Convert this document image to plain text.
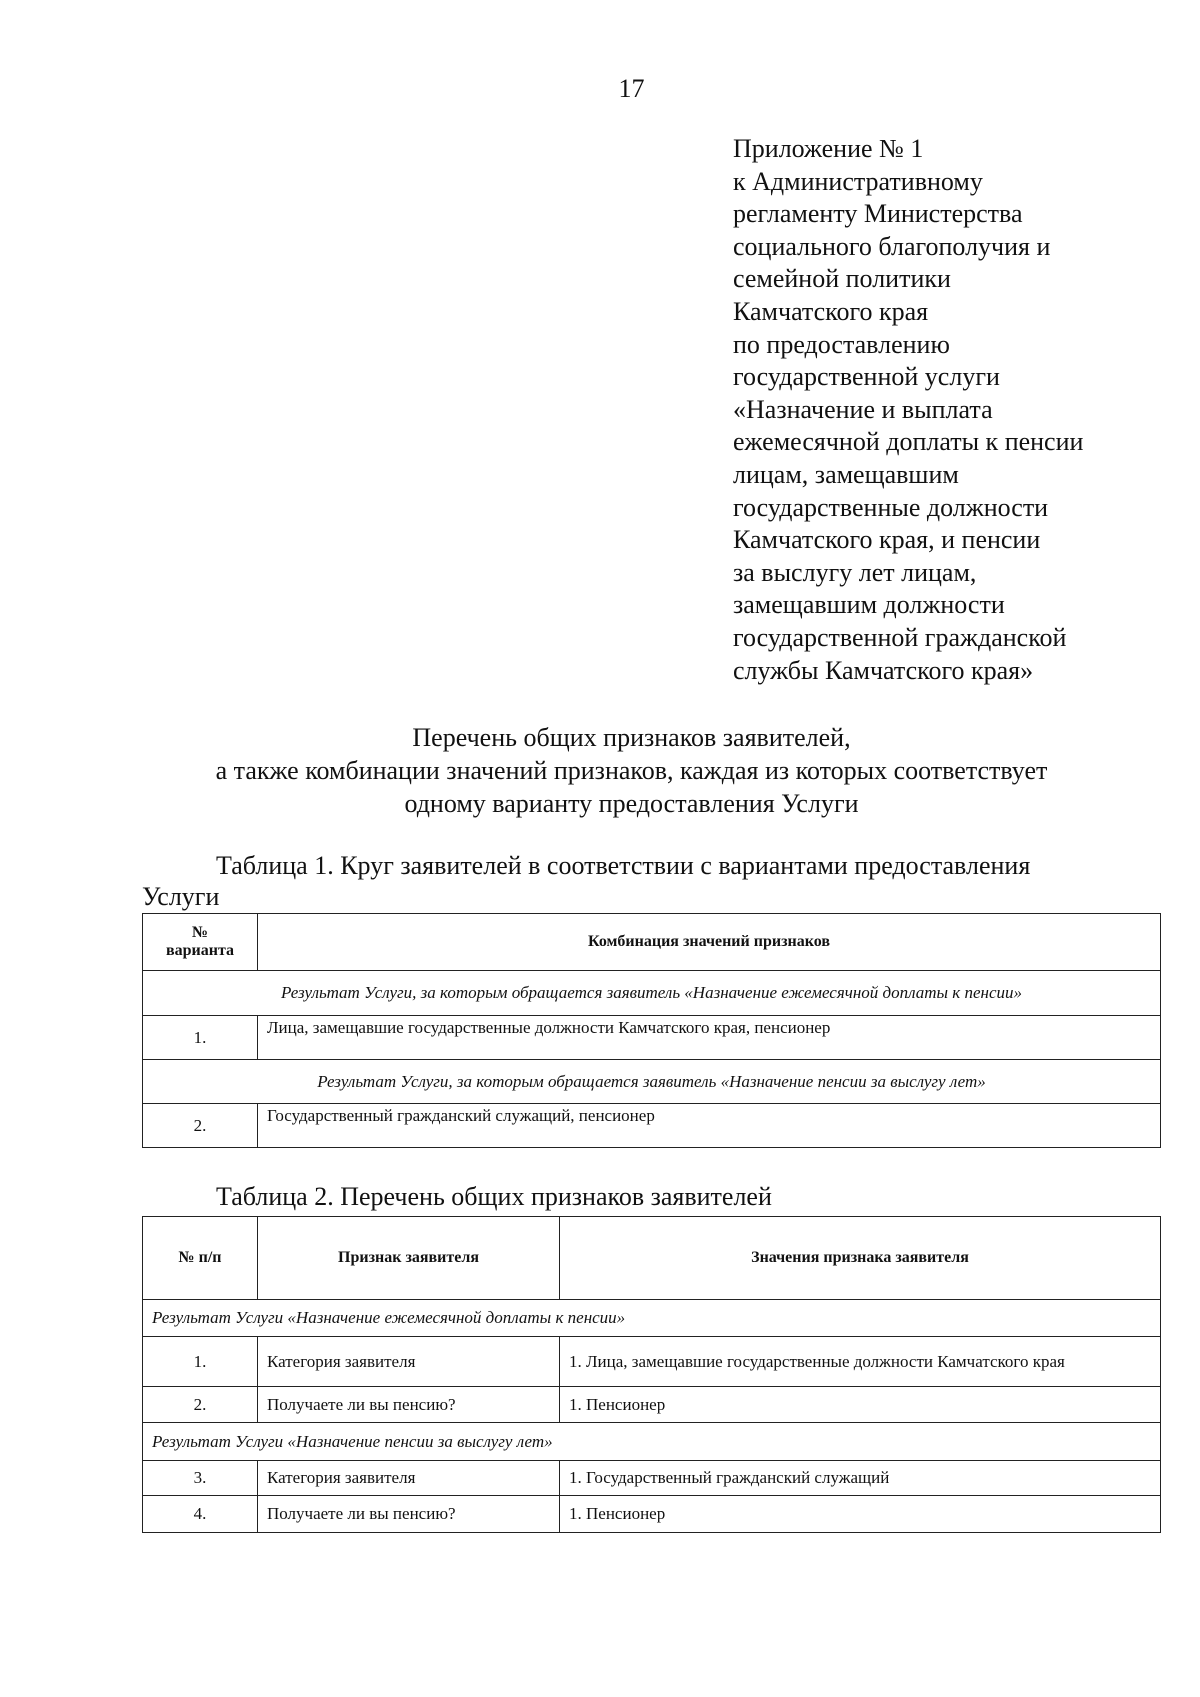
17
Приложение № 1
к Административному
регламенту Министерства
социального благополучия и
семейной политики
Камчатского края
по предоставлению
государственной услуги
«Назначение и выплата
ежемесячной доплаты к пенсии
лицам, замещавшим
государственные должности
Камчатского края, и пенсии
за выслугу лет лицам,
замещавшим должности
государственной гражданской
службы Камчатского края»
Перечень общих признаков заявителей,
а также комбинации значений признаков, каждая из которых соответствует
одному варианту предоставления Услуги
Таблица 1. Круг заявителей в соответствии с вариантами предоставления
Услуги
№
варианта	Комбинация значений признаков
Результат Услуги, за которым обращается заявитель «Назначение ежемесячной доплаты к пенсии»	
1.	Лица, замещавшие государственные должности Камчатского края, пенсионер
Результат Услуги, за которым обращается заявитель «Назначение пенсии за выслугу лет»	
2.	Государственный гражданский служащий, пенсионер
Таблица 2. Перечень общих признаков заявителей
№ п/п	Признак заявителя	Значения признака заявителя
Результат Услуги «Назначение ежемесячной доплаты к пенсии»		
1.	Категория заявителя	1. Лица, замещавшие государственные должности Камчатского края
2.	Получаете ли вы пенсию?	1. Пенсионер
Результат Услуги «Назначение пенсии за выслугу лет»		
3.	Категория заявителя	1. Государственный гражданский служащий
4.	Получаете ли вы пенсию?	1. Пенсионер
